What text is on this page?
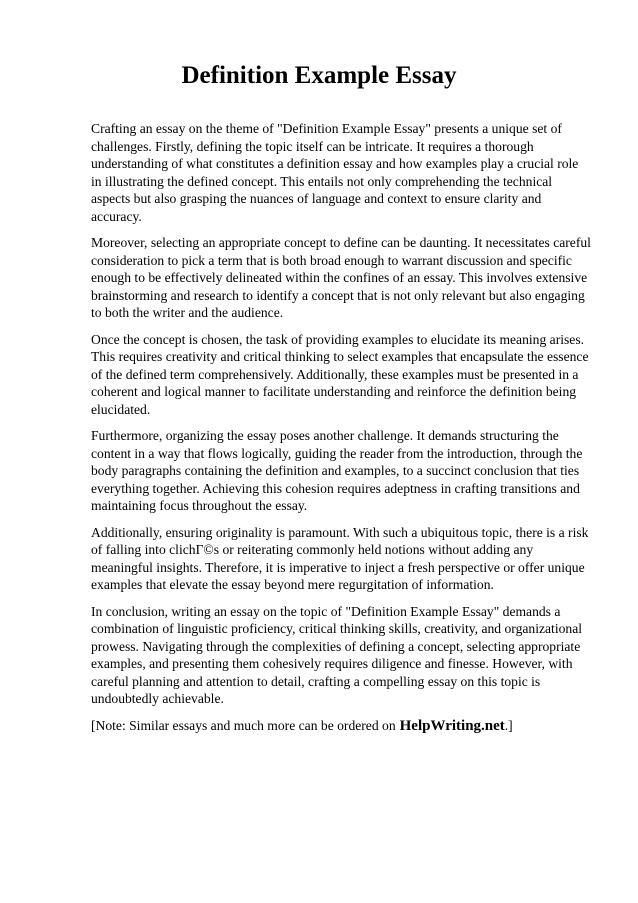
Definition Example Essay

Crafting an essay on the theme of "Definition Example Essay" presents a unique set of challenges. Firstly, defining the topic itself can be intricate. It requires a thorough understanding of what constitutes a definition essay and how examples play a crucial role in illustrating the defined concept. This entails not only comprehending the technical aspects but also grasping the nuances of language and context to ensure clarity and accuracy.

Moreover, selecting an appropriate concept to define can be daunting. It necessitates careful consideration to pick a term that is both broad enough to warrant discussion and specific enough to be effectively delineated within the confines of an essay. This involves extensive brainstorming and research to identify a concept that is not only relevant but also engaging to both the writer and the audience.

Once the concept is chosen, the task of providing examples to elucidate its meaning arises. This requires creativity and critical thinking to select examples that encapsulate the essence of the defined term comprehensively. Additionally, these examples must be presented in a coherent and logical manner to facilitate understanding and reinforce the definition being elucidated.

Furthermore, organizing the essay poses another challenge. It demands structuring the content in a way that flows logically, guiding the reader from the introduction, through the body paragraphs containing the definition and examples, to a succinct conclusion that ties everything together. Achieving this cohesion requires adeptness in crafting transitions and maintaining focus throughout the essay.

Additionally, ensuring originality is paramount. With such a ubiquitous topic, there is a risk of falling into clichГ©s or reiterating commonly held notions without adding any meaningful insights. Therefore, it is imperative to inject a fresh perspective or offer unique examples that elevate the essay beyond mere regurgitation of information.

In conclusion, writing an essay on the topic of "Definition Example Essay" demands a combination of linguistic proficiency, critical thinking skills, creativity, and organizational prowess. Navigating through the complexities of defining a concept, selecting appropriate examples, and presenting them cohesively requires diligence and finesse. However, with careful planning and attention to detail, crafting a compelling essay on this topic is undoubtedly achievable.

[Note: Similar essays and much more can be ordered on HelpWriting.net.]
